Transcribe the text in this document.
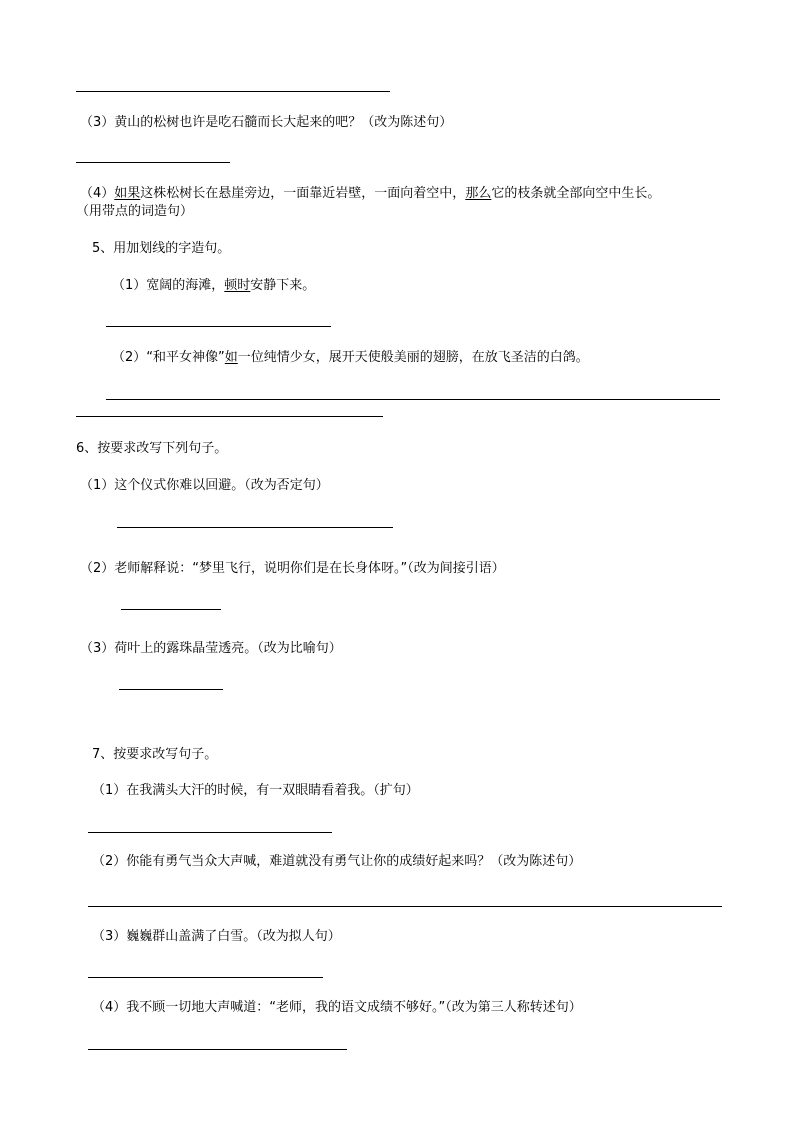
（3）黄山的松树也许是吃石髓而长大起来的吧？（改为陈述句）
（4）如果这株松树长在悬崖旁边，一面靠近岩壁，一面向着空中，那么它的枝条就全部向空中生长。
（用带点的词造句）
5、用加划线的字造句。
（1）宽阔的海滩，顿时安静下来。
（2）“和平女神像”如一位纯情少女，展开天使般美丽的翅膀，在放飞圣洁的白鸽。
6、按要求改写下列句子。
（1）这个仪式你难以回避。（改为否定句）
（2）老师解释说：“梦里飞行，说明你们是在长身体呀。”（改为间接引语）
（3）荷叶上的露珠晶莹透亮。（改为比喻句）
7、按要求改写句子。
（1）在我满头大汗的时候，有一双眼睛看着我。（扩句）
（2）你能有勇气当众大声喊，难道就没有勇气让你的成绩好起来吗？（改为陈述句）
（3）巍巍群山盖满了白雪。（改为拟人句）
（4）我不顾一切地大声喊道：“老师，我的语文成绩不够好。”（改为第三人称转述句）
